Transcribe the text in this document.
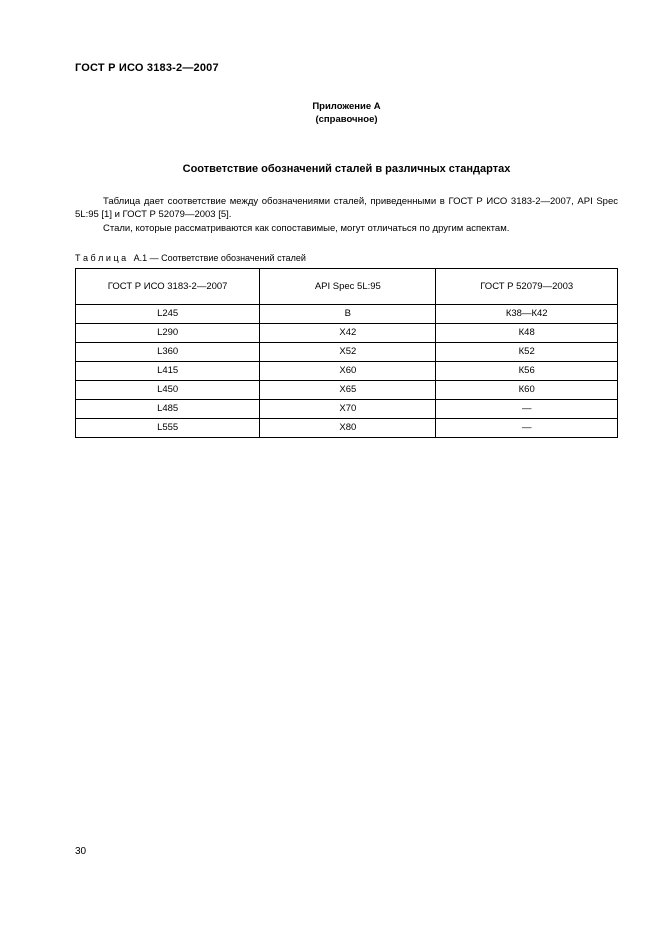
ГОСТ Р ИСО 3183-2—2007
Приложение А
(справочное)
Соответствие обозначений сталей в различных стандартах

Таблица дает соответствие между обозначениями сталей, приведенными в ГОСТ Р ИСО 3183-2—2007, API Spec 5L:95 [1] и ГОСТ Р 52079—2003 [5].

Стали, которые рассматриваются как сопоставимые, могут отличаться по другим аспектам.

Т а б л и ц а   А.1 — Соответствие обозначений сталей
ГОСТ Р ИСО 3183-2—2007	API Spec 5L:95	ГОСТ Р 52079—2003
L245	B	К38—К42
L290	X42	К48
L360	X52	К52
L415	X60	К56
L450	X65	К60
L485	X70	—
L555	X80	—
30
